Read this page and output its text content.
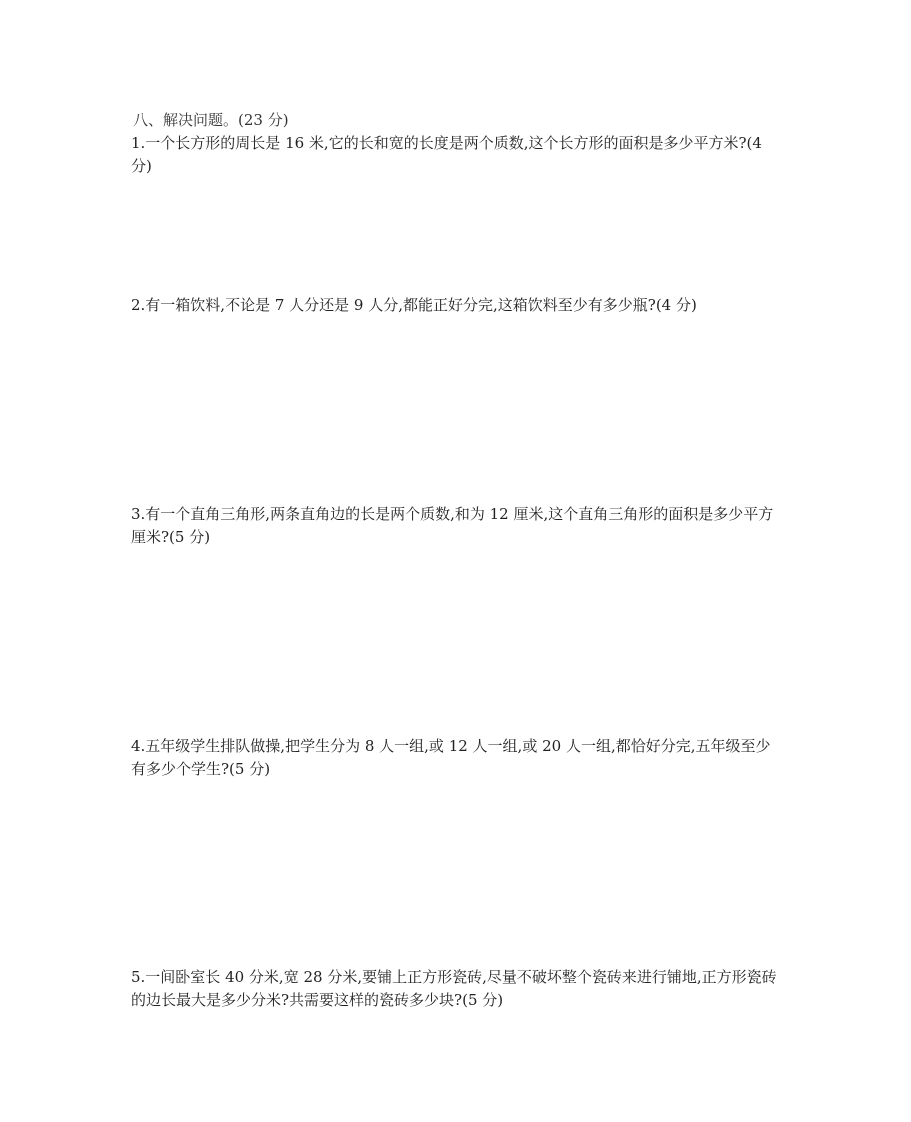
八、解决问题。(23 分)
1.一个长方形的周长是 16 米,它的长和宽的长度是两个质数,这个长方形的面积是多少平方米?(4 分)
2.有一箱饮料,不论是 7 人分还是 9 人分,都能正好分完,这箱饮料至少有多少瓶?(4 分)
3.有一个直角三角形,两条直角边的长是两个质数,和为 12 厘米,这个直角三角形的面积是多少平方厘米?(5 分)
4.五年级学生排队做操,把学生分为 8 人一组,或 12 人一组,或 20 人一组,都恰好分完,五年级至少有多少个学生?(5 分)
5.一间卧室长 40 分米,宽 28 分米,要铺上正方形瓷砖,尽量不破坏整个瓷砖来进行铺地,正方形瓷砖的边长最大是多少分米?共需要这样的瓷砖多少块?(5 分)
